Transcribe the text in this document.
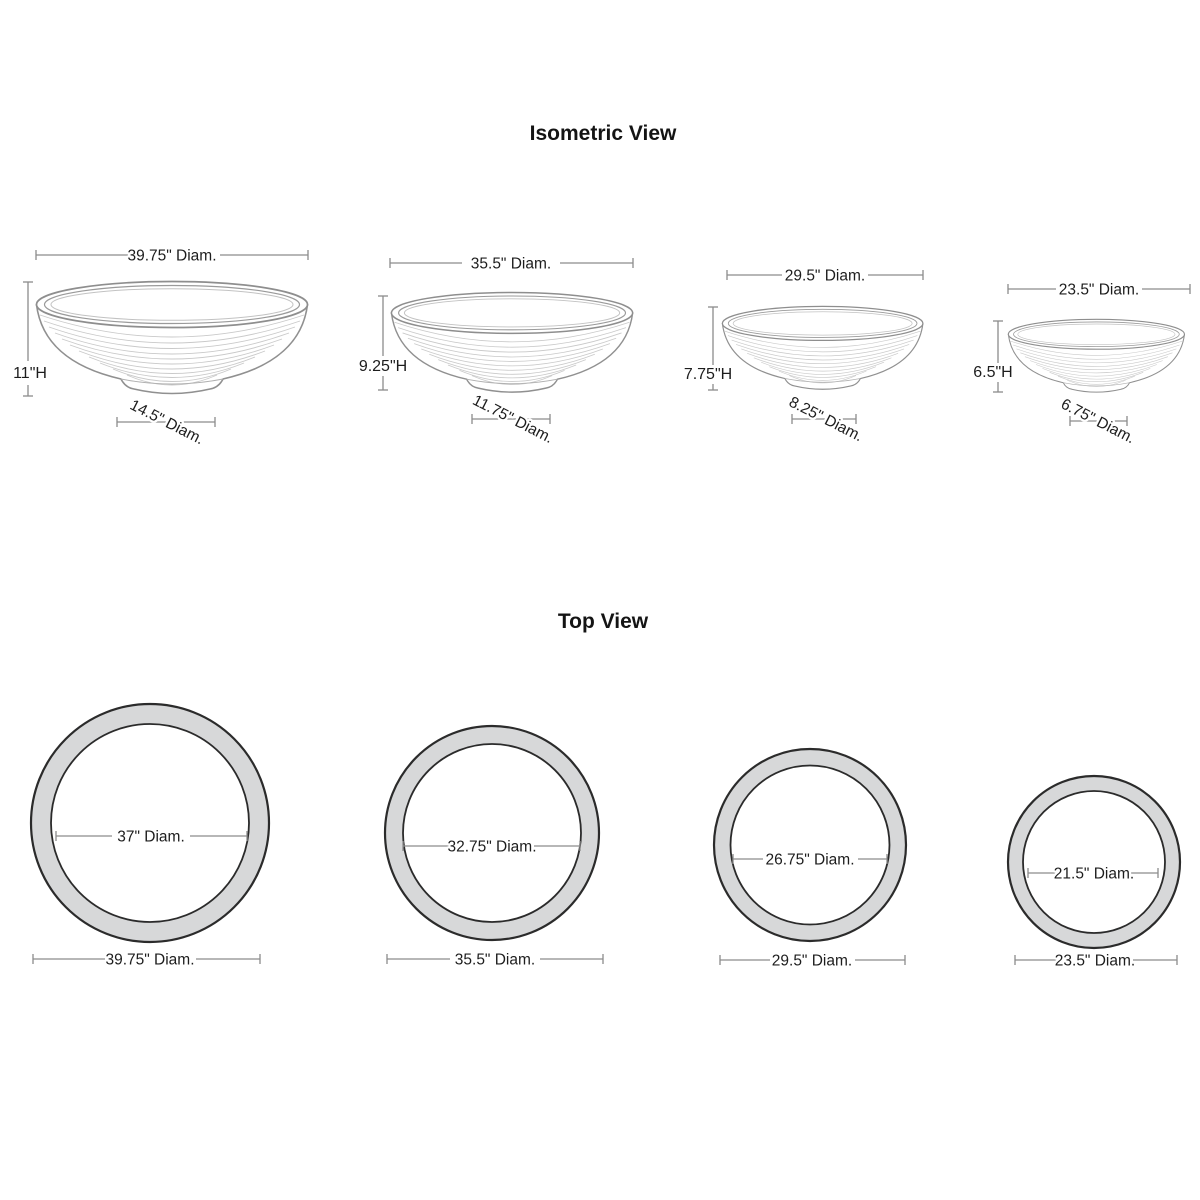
Isometric View
39.75" Diam.
11"H
14.5" Diam.
35.5" Diam.
9.25"H
11.75" Diam.
29.5" Diam.
7.75"H
8.25" Diam.
23.5" Diam.
6.5"H
6.75" Diam.
Top View
37" Diam.
39.75" Diam.
32.75" Diam.
35.5" Diam.
26.75" Diam.
29.5" Diam.
21.5" Diam.
23.5" Diam.
